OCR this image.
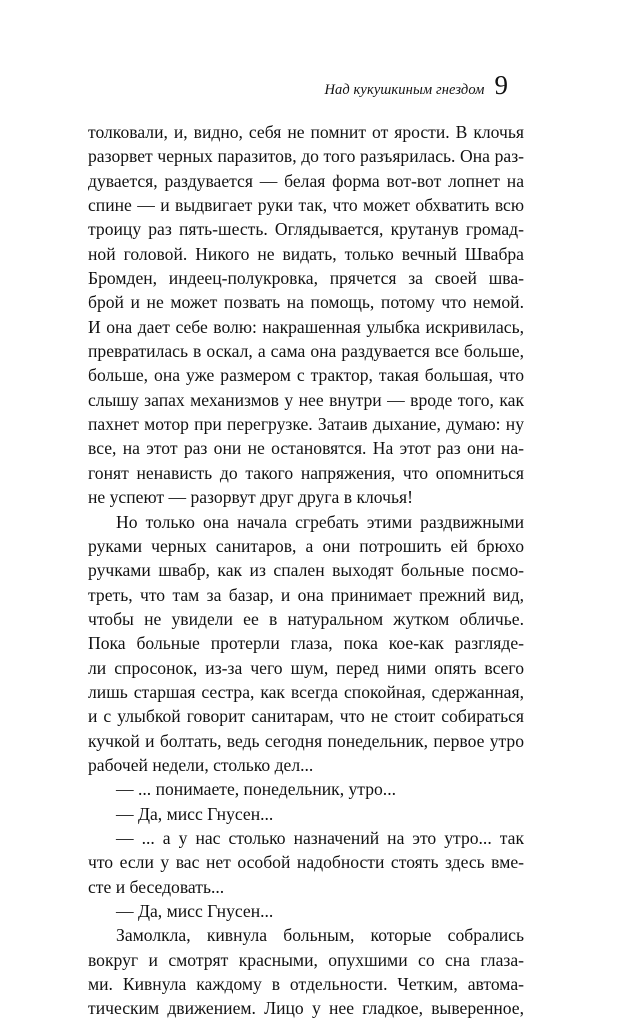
Над кукушкиным гнездом 9
толковали, и, видно, себя не помнит от ярости. В клочья
разорвет черных паразитов, до того разъярилась. Она раз-
дувается, раздувается — белая форма вот-вот лопнет на
спине — и выдвигает руки так, что может обхватить всю
троицу раз пять-шесть. Оглядывается, крутанув громад-
ной головой. Никого не видать, только вечный Швабра
Бромден, индеец-полукровка, прячется за своей шва-
брой и не может позвать на помощь, потому что немой.
И она дает себе волю: накрашенная улыбка искривилась,
превратилась в оскал, а сама она раздувается все больше,
больше, она уже размером с трактор, такая большая, что
слышу запах механизмов у нее внутри — вроде того, как
пахнет мотор при перегрузке. Затаив дыхание, думаю: ну
все, на этот раз они не остановятся. На этот раз они на-
гонят ненависть до такого напряжения, что опомниться
не успеют — разорвут друг друга в клочья!
Но только она начала сгребать этими раздвижными
руками черных санитаров, а они потрошить ей брюхо
ручками швабр, как из спален выходят больные посмо-
треть, что там за базар, и она принимает прежний вид,
чтобы не увидели ее в натуральном жутком обличье.
Пока больные протерли глаза, пока кое-как разгляде-
ли спросонок, из-за чего шум, перед ними опять всего
лишь старшая сестра, как всегда спокойная, сдержанная,
и с улыбкой говорит санитарам, что не стоит собираться
кучкой и болтать, ведь сегодня понедельник, первое утро
рабочей недели, столько дел...
— ... понимаете, понедельник, утро...
— Да, мисс Гнусен...
— ... а у нас столько назначений на это утро... так
что если у вас нет особой надобности стоять здесь вме-
сте и беседовать...
— Да, мисс Гнусен...
Замолкла, кивнула больным, которые собрались
вокруг и смотрят красными, опухшими со сна глаза-
ми. Кивнула каждому в отдельности. Четким, автома-
тическим движением. Лицо у нее гладкое, выверенное,
